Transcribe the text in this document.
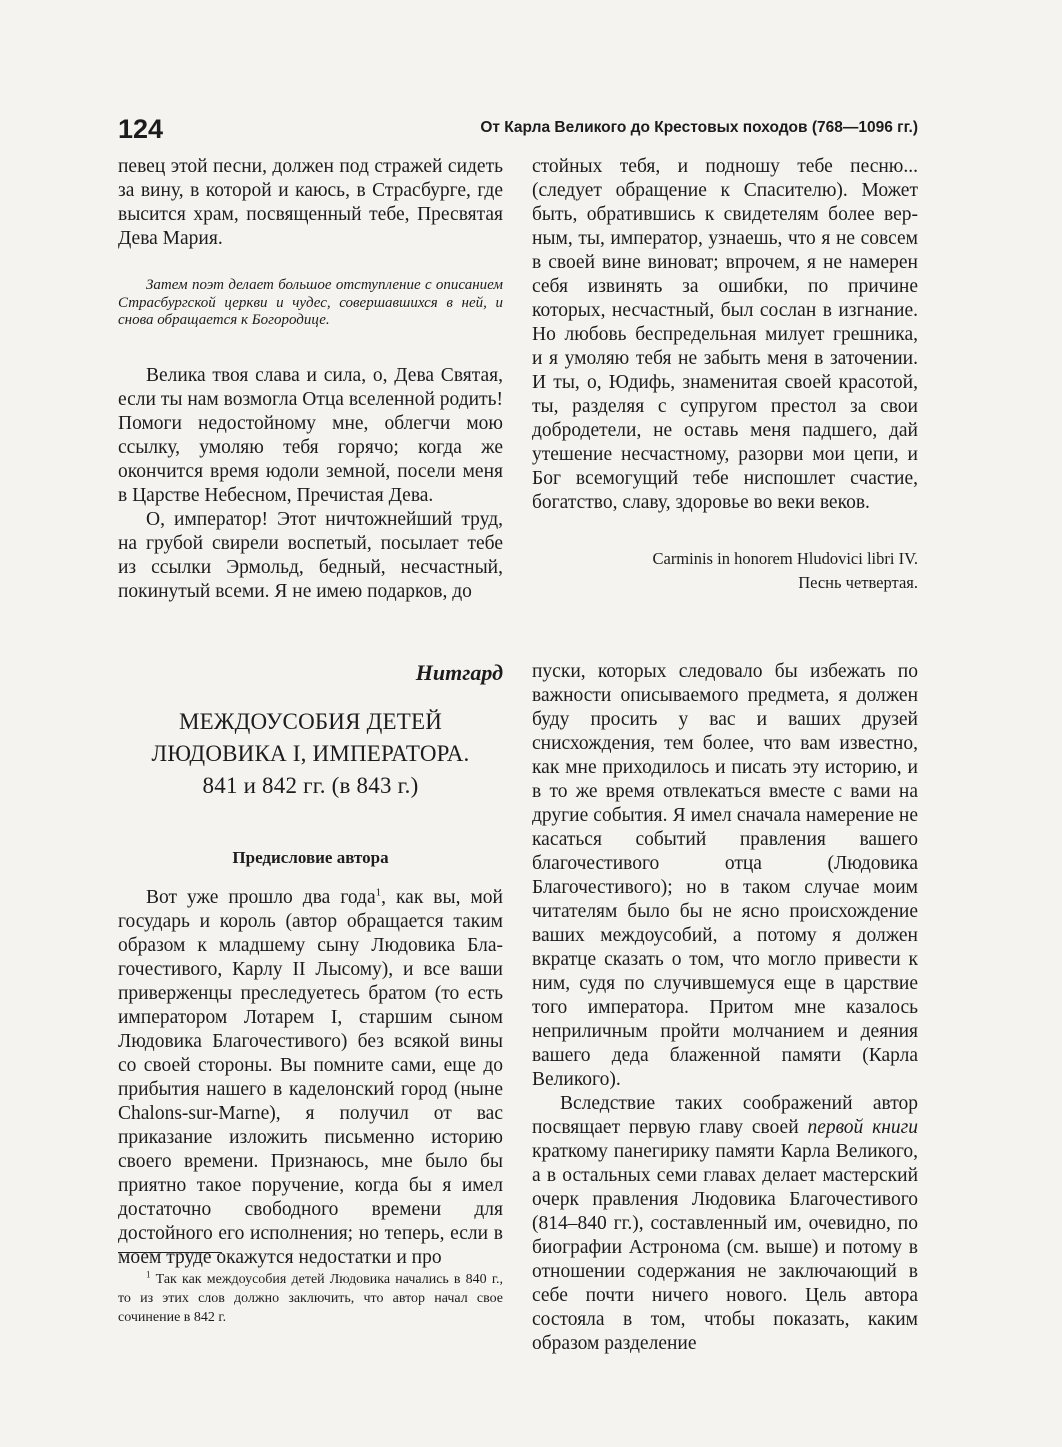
124	От Карла Великого до Крестовых походов (768—1096 гг.)

певец этой песни, должен под стражей сидеть за вину, в которой и каюсь, в Страсбурге, где высится храм, посвященный тебе, Пресвятая Дева Мария.

Затем поэт делает большое отступление с описанием Страсбургской церкви и чудес, совершавшихся в ней, и снова обращается к Богородице.

Велика твоя слава и сила, о, Дева Святая, если ты нам возмогла Отца вселенной родить! Помоги недостойному мне, облегчи мою ссылку, умоляю тебя горячо; когда же окончится время юдоли земной, посели меня в Царстве Небесном, Пречистая Дева.

О, император! Этот ничтожнейший труд, на грубой свирели воспетый, посылает тебе из ссылки Эрмольд, бедный, несчастный, покинутый всеми. Я не имею подарков, до

стойных тебя, и подношу тебе песню... (следует обращение к Спасителю). Может быть, обратившись к свидетелям более верным, ты, император, узнаешь, что я не совсем в своей вине виноват; впрочем, я не намерен себя извинять за ошибки, по причине которых, несчастный, был сослан в изгнание. Но любовь беспредельная милует грешника, и я умоляю тебя не забыть меня в заточении. И ты, о, Юдифь, знаменитая своей красотой, ты, разделяя с супругом престол за свои добродетели, не оставь меня падшего, дай утешение несчастному, разорви мои цепи, и Бог всемогущий тебе ниспошлет счастие, богатство, славу, здоровье во веки веков.

Carminis in honorem Hludovici libri IV.
Песнь четвертая.
Нитгард
МЕЖДОУСОБИЯ ДЕТЕЙ
ЛЮДОВИКА I, ИМПЕРАТОРА.
841 и 842 гг. (в 843 г.)
Предисловие автора

Вот уже прошло два года$^1$, как вы, мой государь и король (автор обращается таким образом к младшему сыну Людовика Благочестивого, Карлу II Лысому), и все ваши приверженцы преследуетесь братом (то есть императором Лотарем I, старшим сыном Людовика Благочестивого) без всякой вины со своей стороны. Вы помните сами, еще до прибытия нашего в каделонский город (ныне Chalons-sur-Marne), я получил от вас приказание изложить письменно историю своего времени. Признаюсь, мне было бы приятно такое поручение, когда бы я имел достаточно свободного времени для достойного его исполнения; но теперь, если в моем труде окажутся недостатки и про

пуски, которых следовало бы избежать по важности описываемого предмета, я должен буду просить у вас и ваших друзей снисхождения, тем более, что вам известно, как мне приходилось и писать эту историю, и в то же время отвлекаться вместе с вами на другие события. Я имел сначала намерение не касаться событий правления вашего благочестивого отца (Людовика Благочестивого); но в таком случае моим читателям было бы не ясно происхождение ваших междоусобий, а потому я должен вкратце сказать о том, что могло привести к ним, судя по случившемуся еще в царствие того императора. Притом мне казалось неприличным пройти молчанием и деяния вашего деда блаженной памяти (Карла Великого).

Вследствие таких соображений автор посвящает первую главу своей первой книги краткому панегирику памяти Карла Великого, а в остальных семи главах делает мастерский очерк правления Людовика Благочестивого (814–840 гг.), составленный им, очевидно, по биографии Астронома (см. выше) и потому в отношении содержания не заключающий в себе почти ничего нового. Цель автора состояла в том, чтобы показать, каким образом разделение

$^1$ Так как междоусобия детей Людовика начались в 840 г., то из этих слов должно заключить, что автор начал свое сочинение в 842 г.
